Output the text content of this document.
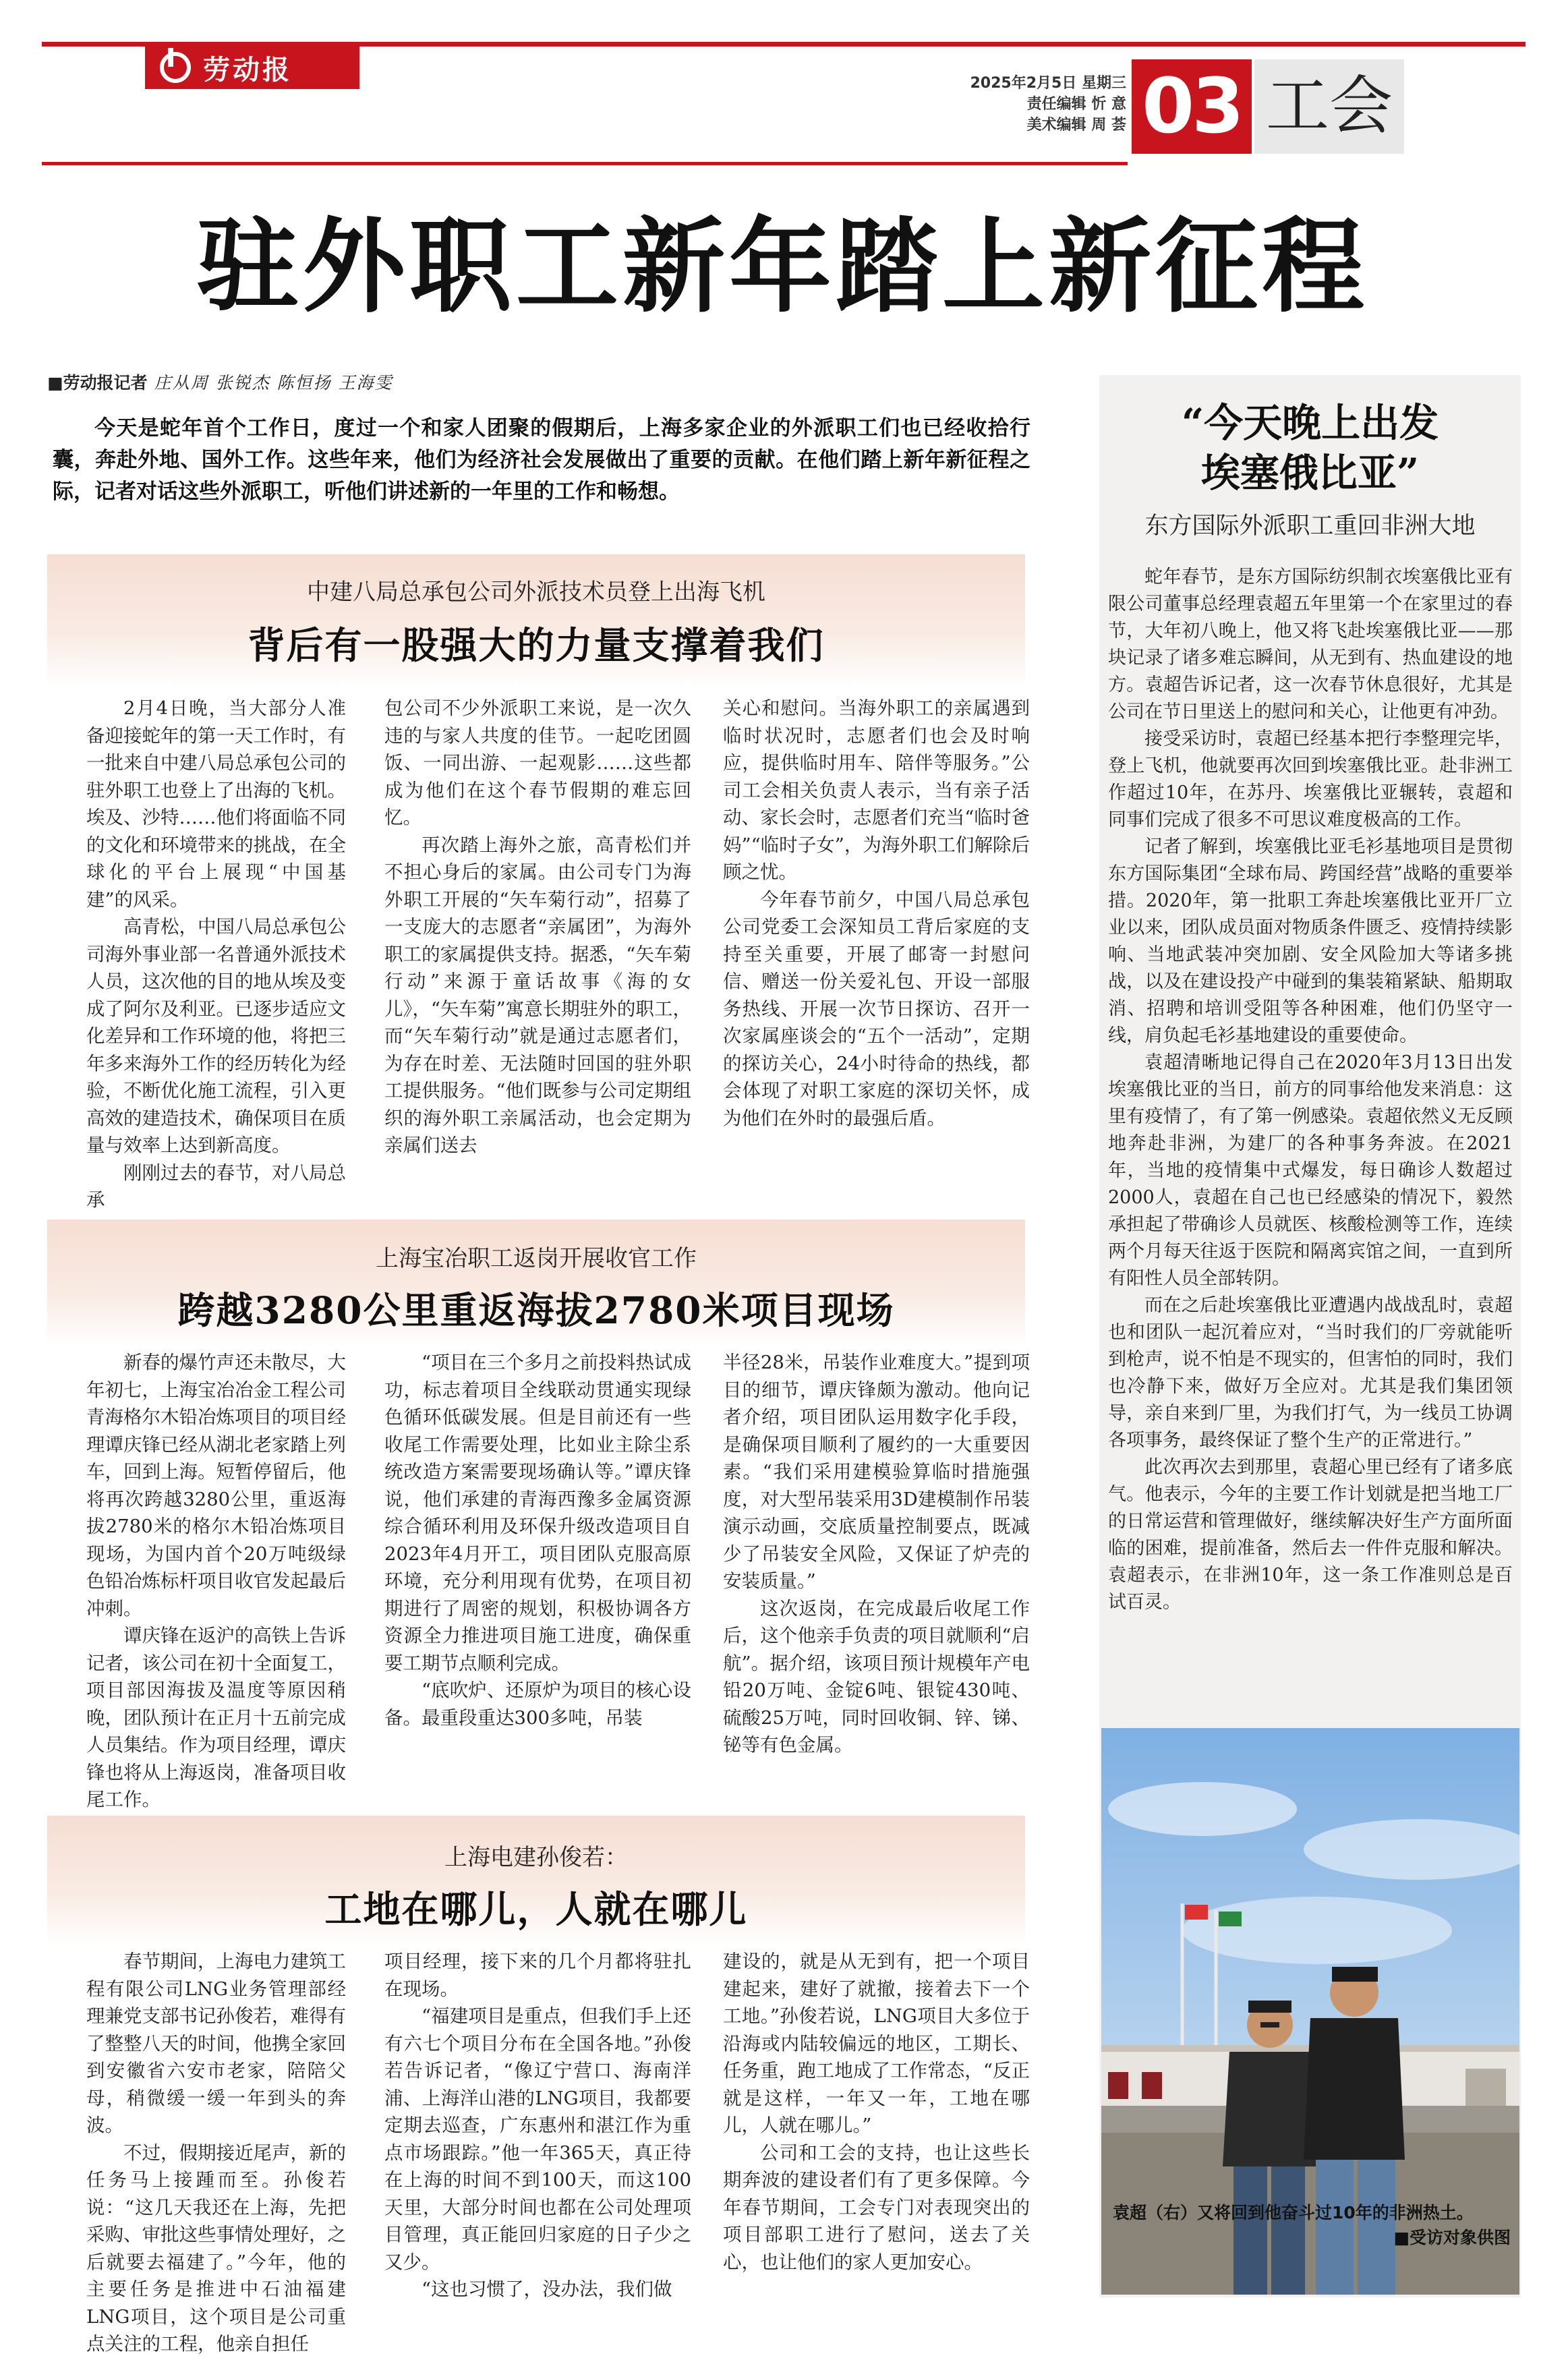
劳动报	2025年2月5日 星期三
责任编辑 忻 意
美术编辑 周 荟 03 工会
驻外职工新年踏上新征程
■劳动报记者 庄从周 张锐杰 陈恒扬 王海雯
今天是蛇年首个工作日，度过一个和家人团聚的假期后，上海多家企业的外派职工们也已经收拾行囊，奔赴外地、国外工作。这些年来，他们为经济社会发展做出了重要的贡献。在他们踏上新年新征程之际，记者对话这些外派职工，听他们讲述新的一年里的工作和畅想。
中建八局总承包公司外派技术员登上出海飞机
背后有一股强大的力量支撑着我们

2月4日晚，当大部分人准备迎接蛇年的第一天工作时，有一批来自中建八局总承包公司的驻外职工也登上了出海的飞机。埃及、沙特……他们将面临不同的文化和环境带来的挑战，在全球化的平台上展现“中国基建”的风采。

高青松，中国八局总承包公司海外事业部一名普通外派技术人员，这次他的目的地从埃及变成了阿尔及利亚。已逐步适应文化差异和工作环境的他，将把三年多来海外工作的经历转化为经验，不断优化施工流程，引入更高效的建造技术，确保项目在质量与效率上达到新高度。

刚刚过去的春节，对八局总承

包公司不少外派职工来说，是一次久违的与家人共度的佳节。一起吃团圆饭、一同出游、一起观影……这些都成为他们在这个春节假期的难忘回忆。

再次踏上海外之旅，高青松们并不担心身后的家属。由公司专门为海外职工开展的“矢车菊行动”，招募了一支庞大的志愿者“亲属团”，为海外职工的家属提供支持。据悉，“矢车菊行动”来源于童话故事《海的女儿》，“矢车菊”寓意长期驻外的职工，而“矢车菊行动”就是通过志愿者们，为存在时差、无法随时回国的驻外职工提供服务。“他们既参与公司定期组织的海外职工亲属活动，也会定期为亲属们送去

关心和慰问。当海外职工的亲属遇到临时状况时，志愿者们也会及时响应，提供临时用车、陪伴等服务。”公司工会相关负责人表示，当有亲子活动、家长会时，志愿者们充当“临时爸妈”“临时子女”，为海外职工们解除后顾之忧。

今年春节前夕，中国八局总承包公司党委工会深知员工背后家庭的支持至关重要，开展了邮寄一封慰问信、赠送一份关爱礼包、开设一部服务热线、开展一次节日探访、召开一次家属座谈会的“五个一活动”，定期的探访关心，24小时待命的热线，都会体现了对职工家庭的深切关怀，成为他们在外时的最强后盾。

上海宝冶职工返岗开展收官工作
跨越3280公里重返海拔2780米项目现场

新春的爆竹声还未散尽，大年初七，上海宝冶冶金工程公司青海格尔木铅冶炼项目的项目经理谭庆锋已经从湖北老家踏上列车，回到上海。短暂停留后，他将再次跨越3280公里，重返海拔2780米的格尔木铅冶炼项目现场，为国内首个20万吨级绿色铅冶炼标杆项目收官发起最后冲刺。

谭庆锋在返沪的高铁上告诉记者，该公司在初十全面复工，项目部因海拔及温度等原因稍晚，团队预计在正月十五前完成人员集结。作为项目经理，谭庆锋也将从上海返岗，准备项目收尾工作。

“项目在三个多月之前投料热试成功，标志着项目全线联动贯通实现绿色循环低碳发展。但是目前还有一些收尾工作需要处理，比如业主除尘系统改造方案需要现场确认等。”谭庆锋说，他们承建的青海西豫多金属资源综合循环利用及环保升级改造项目自2023年4月开工，项目团队克服高原环境，充分利用现有优势，在项目初期进行了周密的规划，积极协调各方资源全力推进项目施工进度，确保重要工期节点顺利完成。

“底吹炉、还原炉为项目的核心设备。最重段重达300多吨，吊装

半径28米，吊装作业难度大。”提到项目的细节，谭庆锋颇为激动。他向记者介绍，项目团队运用数字化手段，是确保项目顺利了履约的一大重要因素。“我们采用建模验算临时措施强度，对大型吊装采用3D建模制作吊装演示动画，交底质量控制要点，既减少了吊装安全风险，又保证了炉壳的安装质量。”

这次返岗，在完成最后收尾工作后，这个他亲手负责的项目就顺利“启航”。据介绍，该项目预计规模年产电铅20万吨、金锭6吨、银锭430吨、硫酸25万吨，同时回收铜、锌、锑、铋等有色金属。

上海电建孙俊若：
工地在哪儿，人就在哪儿

春节期间，上海电力建筑工程有限公司LNG业务管理部经理兼党支部书记孙俊若，难得有了整整八天的时间，他携全家回到安徽省六安市老家，陪陪父母，稍微缓一缓一年到头的奔波。

不过，假期接近尾声，新的任务马上接踵而至。孙俊若说：“这几天我还在上海，先把采购、审批这些事情处理好，之后就要去福建了。”今年，他的主要任务是推进中石油福建LNG项目，这个项目是公司重点关注的工程，他亲自担任

项目经理，接下来的几个月都将驻扎在现场。

“福建项目是重点，但我们手上还有六七个项目分布在全国各地。”孙俊若告诉记者，“像辽宁营口、海南洋浦、上海洋山港的LNG项目，我都要定期去巡查，广东惠州和湛江作为重点市场跟踪。”他一年365天，真正待在上海的时间不到100天，而这100天里，大部分时间也都在公司处理项目管理，真正能回归家庭的日子少之又少。

“这也习惯了，没办法，我们做

建设的，就是从无到有，把一个项目建起来，建好了就撤，接着去下一个工地。”孙俊若说，LNG项目大多位于沿海或内陆较偏远的地区，工期长、任务重，跑工地成了工作常态，“反正就是这样，一年又一年，工地在哪儿，人就在哪儿。”

公司和工会的支持，也让这些长期奔波的建设者们有了更多保障。今年春节期间，工会专门对表现突出的项目部职工进行了慰问，送去了关心，也让他们的家人更加安心。

“今天晚上出发
埃塞俄比亚”
东方国际外派职工重回非洲大地

蛇年春节，是东方国际纺织制衣埃塞俄比亚有限公司董事总经理袁超五年里第一个在家里过的春节，大年初八晚上，他又将飞赴埃塞俄比亚——那块记录了诸多难忘瞬间，从无到有、热血建设的地方。袁超告诉记者，这一次春节休息很好，尤其是公司在节日里送上的慰问和关心，让他更有冲劲。

接受采访时，袁超已经基本把行李整理完毕，登上飞机，他就要再次回到埃塞俄比亚。赴非洲工作超过10年，在苏丹、埃塞俄比亚辗转，袁超和同事们完成了很多不可思议难度极高的工作。

记者了解到，埃塞俄比亚毛衫基地项目是贯彻东方国际集团“全球布局、跨国经营”战略的重要举措。2020年，第一批职工奔赴埃塞俄比亚开厂立业以来，团队成员面对物质条件匮乏、疫情持续影响、当地武装冲突加剧、安全风险加大等诸多挑战，以及在建设投产中碰到的集装箱紧缺、船期取消、招聘和培训受阻等各种困难，他们仍坚守一线，肩负起毛衫基地建设的重要使命。

袁超清晰地记得自己在2020年3月13日出发埃塞俄比亚的当日，前方的同事给他发来消息：这里有疫情了，有了第一例感染。袁超依然义无反顾地奔赴非洲，为建厂的各种事务奔波。在2021年，当地的疫情集中式爆发，每日确诊人数超过2000人，袁超在自己也已经感染的情况下，毅然承担起了带确诊人员就医、核酸检测等工作，连续两个月每天往返于医院和隔离宾馆之间，一直到所有阳性人员全部转阴。

而在之后赴埃塞俄比亚遭遇内战战乱时，袁超也和团队一起沉着应对，“当时我们的厂旁就能听到枪声，说不怕是不现实的，但害怕的同时，我们也冷静下来，做好万全应对。尤其是我们集团领导，亲自来到厂里，为我们打气，为一线员工协调各项事务，最终保证了整个生产的正常进行。”

此次再次去到那里，袁超心里已经有了诸多底气。他表示，今年的主要工作计划就是把当地工厂的日常运营和管理做好，继续解决好生产方面所面临的困难，提前准备，然后去一件件克服和解决。袁超表示，在非洲10年，这一条工作准则总是百试百灵。

袁超（右）又将回到他奋斗过10年的非洲热土。
■受访对象供图
